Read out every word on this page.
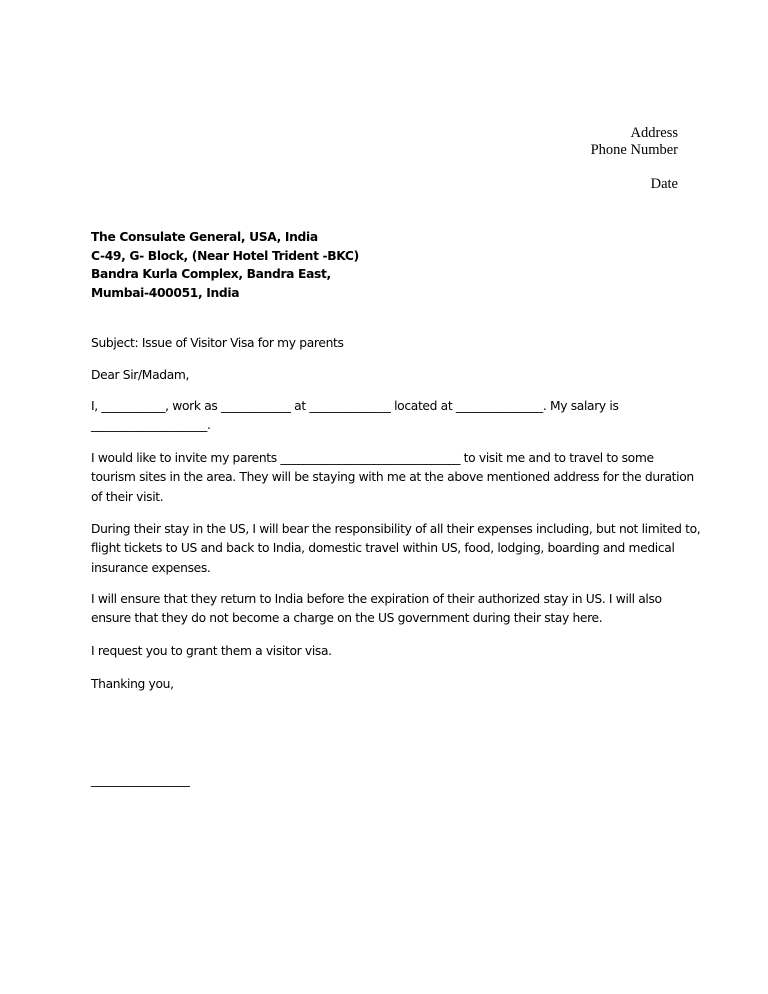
Address
Phone Number
Date
The Consulate General, USA, India
C-49, G- Block, (Near Hotel Trident -BKC)
Bandra Kurla Complex, Bandra East,
Mumbai-400051, India
Subject: Issue of Visitor Visa for my parents
Dear Sir/Madam,
I, ___________, work as ____________ at ______________ located at _______________. My salary is
____________________.
I would like to invite my parents _______________________________ to visit me and to travel to some
tourism sites in the area. They will be staying with me at the above mentioned address for the duration
of their visit.
During their stay in the US, I will bear the responsibility of all their expenses including, but not limited to,
flight tickets to US and back to India, domestic travel within US, food, lodging, boarding and medical
insurance expenses.
I will ensure that they return to India before the expiration of their authorized stay in US. I will also
ensure that they do not become a charge on the US government during their stay here.
I request you to grant them a visitor visa.
Thanking you,
_________________
